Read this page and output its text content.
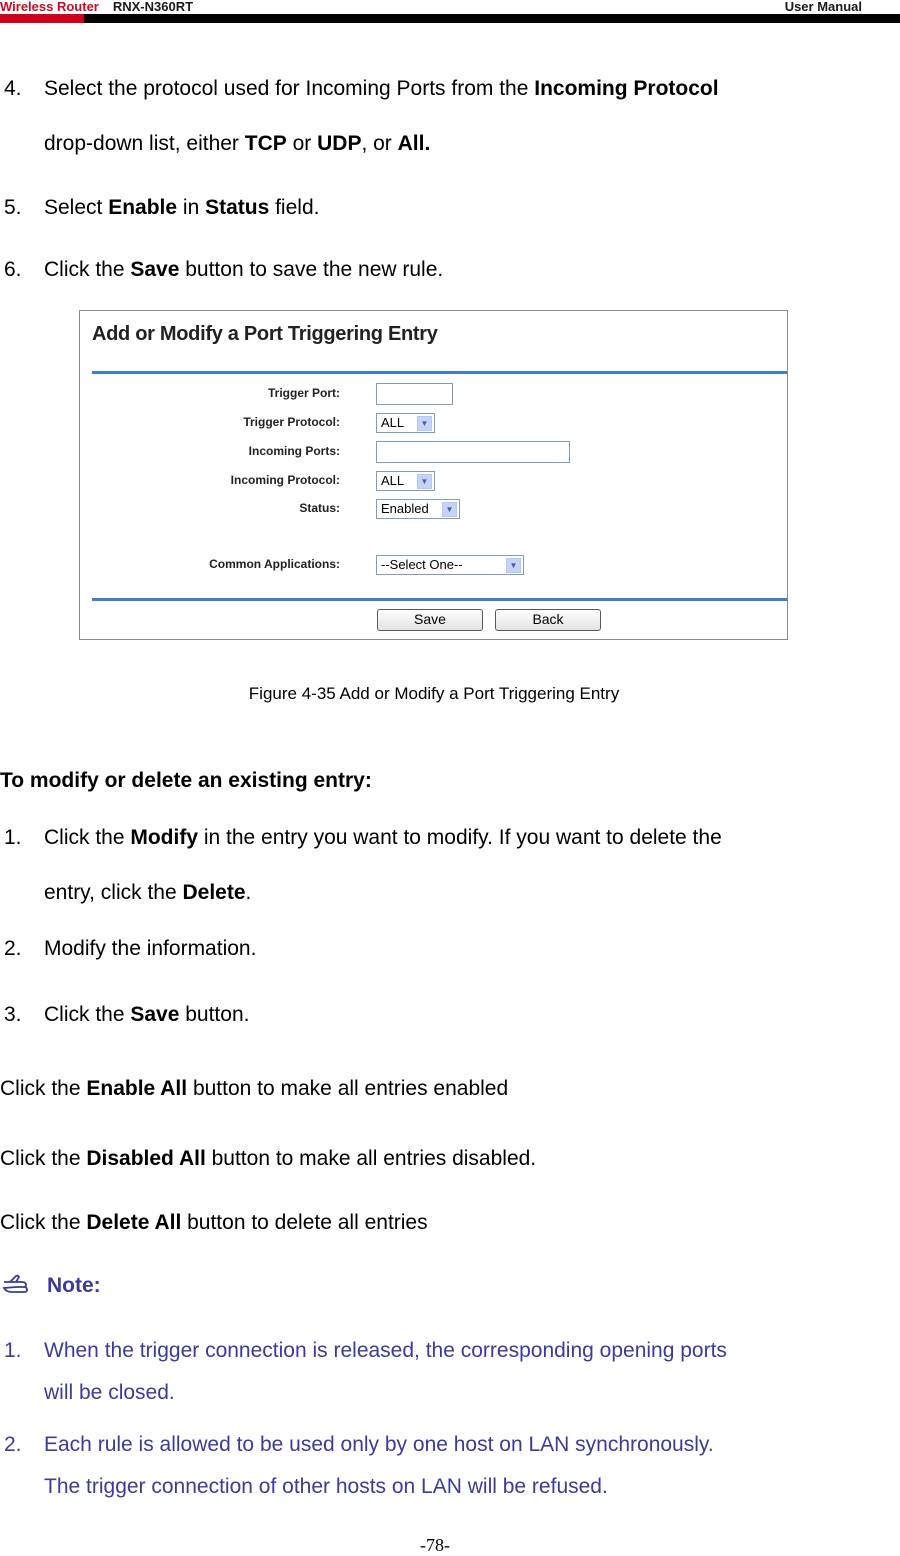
Wireless Router RNX-N360RT	User Manual
4. Select the protocol used for Incoming Ports from the Incoming Protocol
drop-down list, either TCP or UDP, or All.
5. Select Enable in Status field.
6. Click the Save button to save the new rule.
Add or Modify a Port Triggering Entry
Trigger Port:
Trigger Protocol:	ALL	▼
Incoming Ports:
Incoming Protocol:	ALL	▼
Status:	Enabled	▼
Common Applications:	--Select One--	▼
Save	Back
Figure 4-35 Add or Modify a Port Triggering Entry
To modify or delete an existing entry:
1. Click the Modify in the entry you want to modify. If you want to delete the
entry, click the Delete.
2. Modify the information.
3. Click the Save button.
Click the Enable All button to make all entries enabled
Click the Disabled All button to make all entries disabled.
Click the Delete All button to delete all entries
Note:
1. When the trigger connection is released, the corresponding opening ports
will be closed.
2. Each rule is allowed to be used only by one host on LAN synchronously.
The trigger connection of other hosts on LAN will be refused.
-78-
